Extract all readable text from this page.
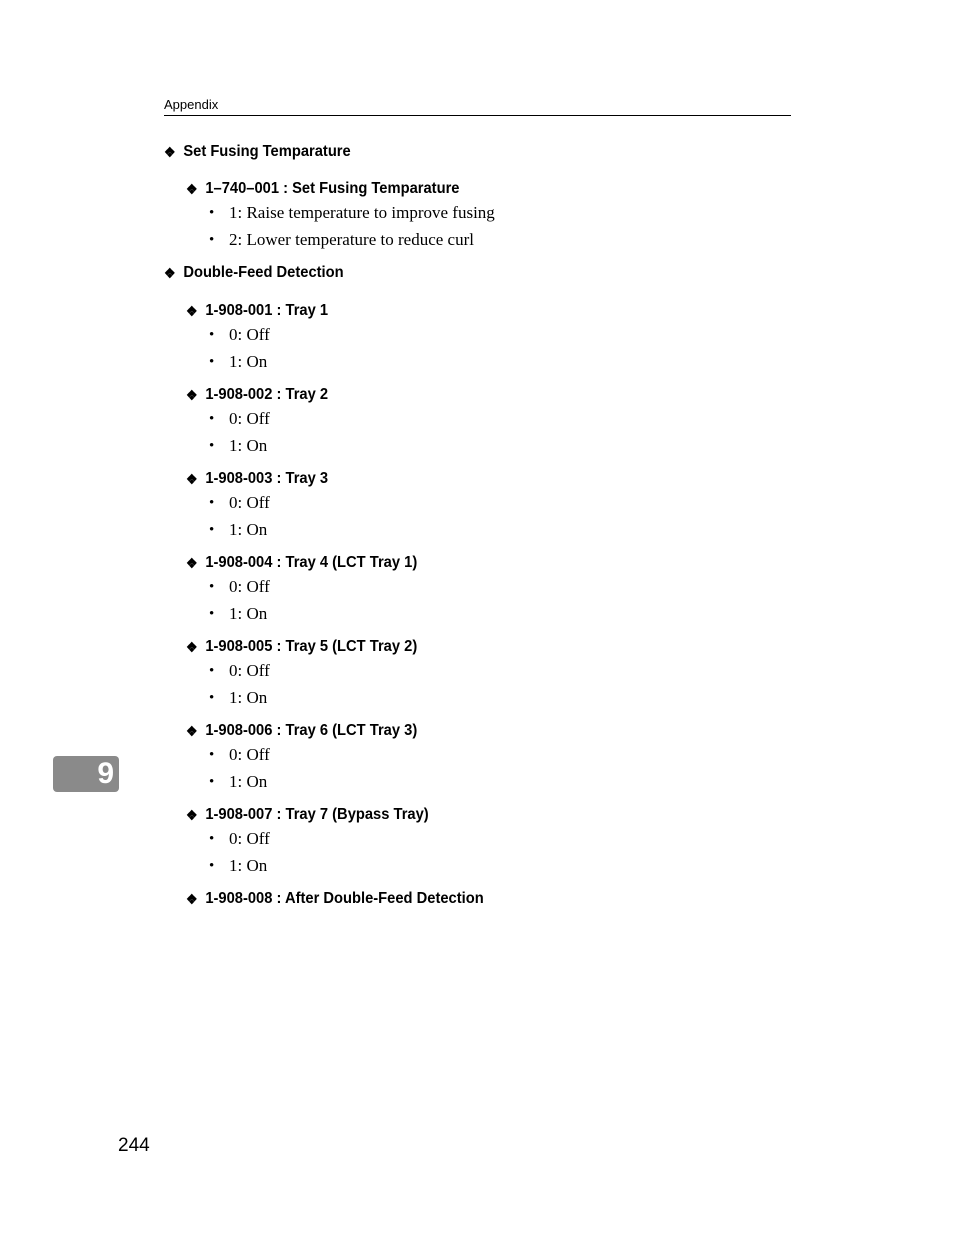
Appendix
❖ Set Fusing Temparature
❖ 1–740–001 : Set Fusing Temparature
• 1: Raise temperature to improve fusing
• 2: Lower temperature to reduce curl
❖ Double-Feed Detection
❖ 1-908-001 : Tray 1
• 0: Off
• 1: On
❖ 1-908-002 : Tray 2
• 0: Off
• 1: On
❖ 1-908-003 : Tray 3
• 0: Off
• 1: On
❖ 1-908-004 : Tray 4 (LCT Tray 1)
• 0: Off
• 1: On
❖ 1-908-005 : Tray 5 (LCT Tray 2)
• 0: Off
• 1: On
❖ 1-908-006 : Tray 6 (LCT Tray 3)
• 0: Off
• 1: On
❖ 1-908-007 : Tray 7 (Bypass Tray)
• 0: Off
• 1: On
❖ 1-908-008 : After Double-Feed Detection
9
244
